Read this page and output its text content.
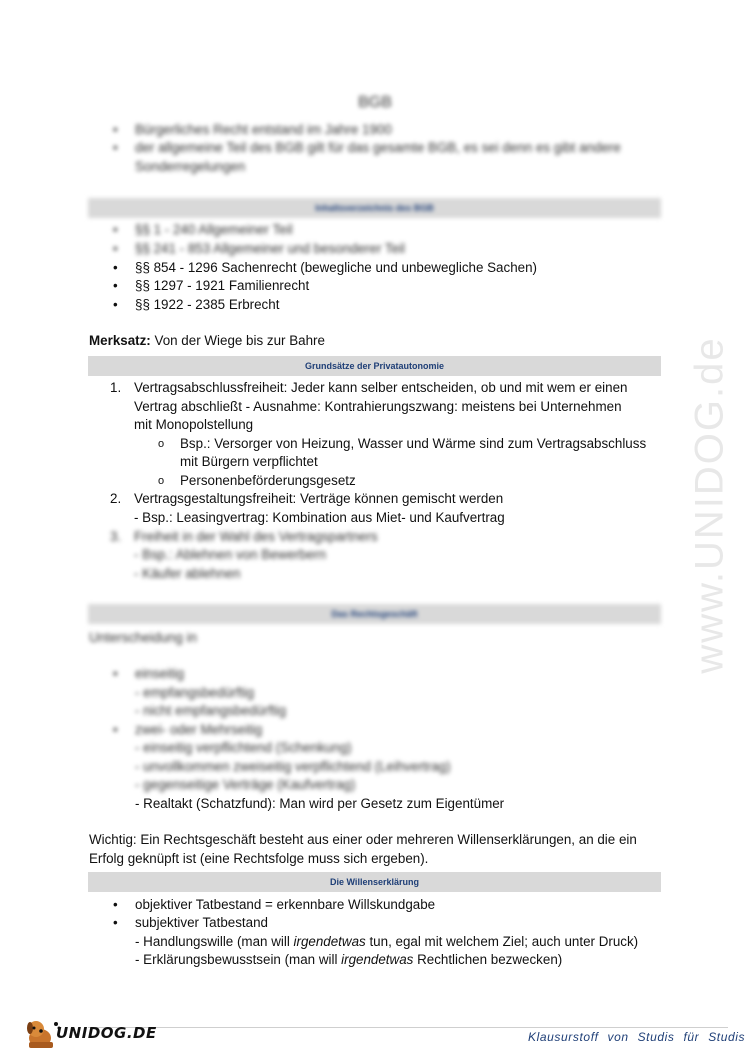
www.UNIDOG.de
BGB
• Bürgerliches Recht entstand im Jahre 1900
• der allgemeine Teil des BGB gilt für das gesamte BGB, es sei denn es gibt andere
Sonderregelungen
Inhaltsverzeichnis des BGB
• §§ 1 - 240 Allgemeiner Teil
• §§ 241 - 853 Allgemeiner und besonderer Teil
• §§ 854 - 1296 Sachenrecht (bewegliche und unbewegliche Sachen)
• §§ 1297 - 1921 Familienrecht
• §§ 1922 - 2385 Erbrecht
Merksatz: Von der Wiege bis zur Bahre
Grundsätze der Privatautonomie
1. Vertragsabschlussfreiheit: Jeder kann selber entscheiden, ob und mit wem er einen
Vertrag abschließt - Ausnahme: Kontrahierungszwang: meistens bei Unternehmen
mit Monopolstellung
o Bsp.: Versorger von Heizung, Wasser und Wärme sind zum Vertragsabschluss
mit Bürgern verpflichtet
o Personenbeförderungsgesetz
2. Vertragsgestaltungsfreiheit: Verträge können gemischt werden
- Bsp.: Leasingvertrag: Kombination aus Miet- und Kaufvertrag
3. Freiheit in der Wahl des Vertragspartners
- Bsp.: Ablehnen von Bewerbern
- Käufer ablehnen
Das Rechtsgeschäft
Unterscheidung in
• einseitig
- empfangsbedürftig
- nicht empfangsbedürftig
• zwei- oder Mehrseitig
- einseitig verpflichtend (Schenkung)
- unvollkommen zweiseitig verpflichtend (Leihvertrag)
- gegenseitige Verträge (Kaufvertrag)
- Realtakt (Schatzfund): Man wird per Gesetz zum Eigentümer
Wichtig: Ein Rechtsgeschäft besteht aus einer oder mehreren Willenserklärungen, an die ein
Erfolg geknüpft ist (eine Rechtsfolge muss sich ergeben).
Die Willenserklärung
• objektiver Tatbestand = erkennbare Willskundgabe
• subjektiver Tatbestand
- Handlungswille (man will irgendetwas tun, egal mit welchem Ziel; auch unter Druck)
- Erklärungsbewusstsein (man will irgendetwas Rechtlichen bezwecken)
UNIDOG.DE	Klausurstoff von Studis für Studis
